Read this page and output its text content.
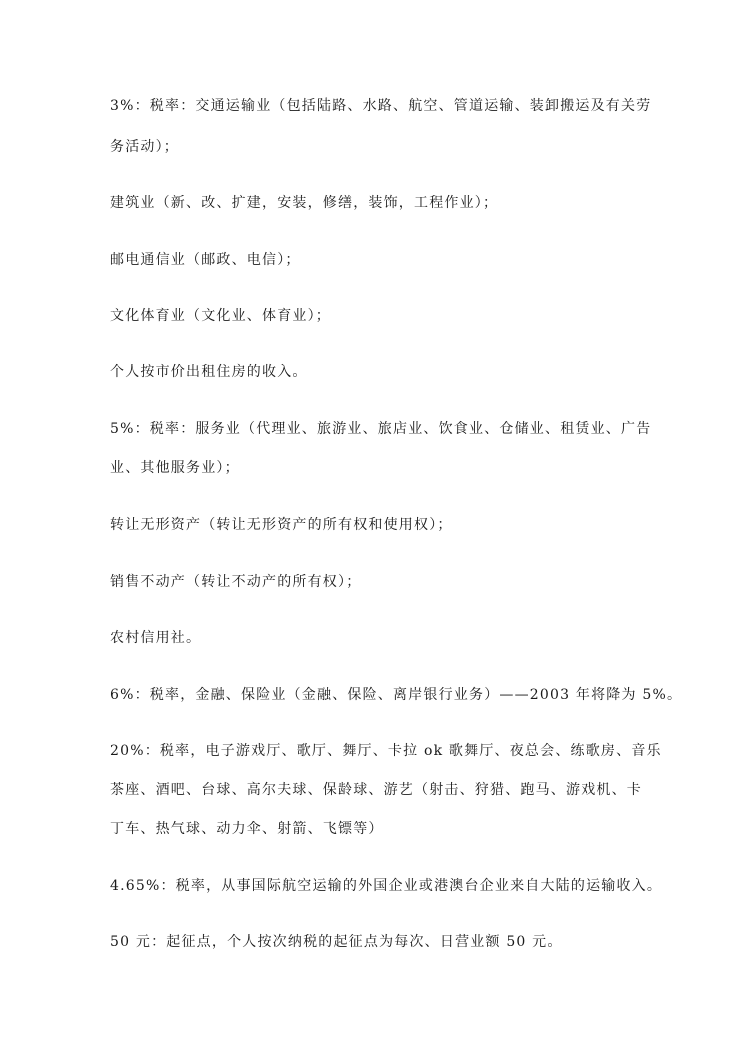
3%：税率：交通运输业（包括陆路、水路、航空、管道运输、装卸搬运及有关劳
务活动）；
建筑业（新、改、扩建，安装，修缮，装饰，工程作业）；
邮电通信业（邮政、电信）；
文化体育业（文化业、体育业）；
个人按市价出租住房的收入。
5%：税率：服务业（代理业、旅游业、旅店业、饮食业、仓储业、租赁业、广告
业、其他服务业）；
转让无形资产（转让无形资产的所有权和使用权）；
销售不动产（转让不动产的所有权）；
农村信用社。
6%：税率，金融、保险业（金融、保险、离岸银行业务）——2003 年将降为 5%。
20%：税率，电子游戏厅、歌厅、舞厅、卡拉 ok 歌舞厅、夜总会、练歌房、音乐
茶座、酒吧、台球、高尔夫球、保龄球、游艺（射击、狩猎、跑马、游戏机、卡
丁车、热气球、动力伞、射箭、飞镖等）
4.65%：税率，从事国际航空运输的外国企业或港澳台企业来自大陆的运输收入。
50 元：起征点，个人按次纳税的起征点为每次、日营业额 50 元。
